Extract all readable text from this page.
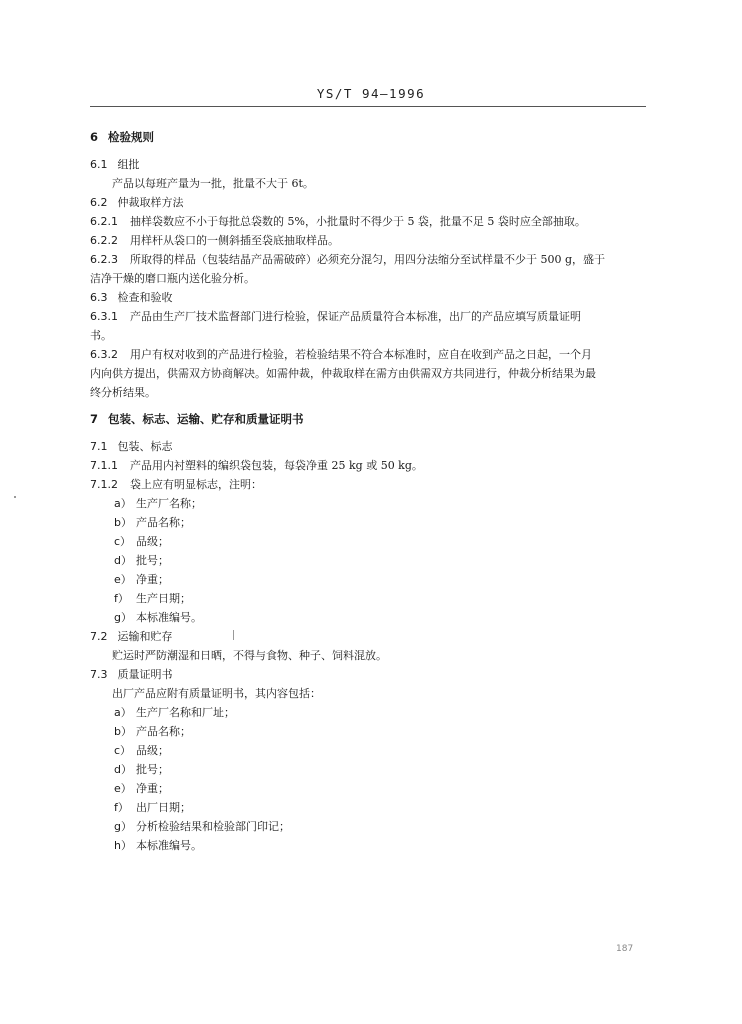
YS/T 94—1996
6 检验规则
6.1 组批
产品以每班产量为一批，批量不大于 6t。
6.2 仲裁取样方法
6.2.1 抽样袋数应不小于每批总袋数的 5%，小批量时不得少于 5 袋，批量不足 5 袋时应全部抽取。
6.2.2 用样杆从袋口的一侧斜插至袋底抽取样品。
6.2.3 所取得的样品（包装结晶产品需破碎）必须充分混匀，用四分法缩分至试样量不少于 500 g，盛于
洁净干燥的磨口瓶内送化验分析。
6.3 检查和验收
6.3.1 产品由生产厂技术监督部门进行检验，保证产品质量符合本标准，出厂的产品应填写质量证明
书。
6.3.2 用户有权对收到的产品进行检验，若检验结果不符合本标准时，应自在收到产品之日起，一个月
内向供方提出，供需双方协商解决。如需仲裁，仲裁取样在需方由供需双方共同进行，仲裁分析结果为最
终分析结果。
7 包装、标志、运输、贮存和质量证明书
7.1 包装、标志
7.1.1 产品用内衬塑料的编织袋包装，每袋净重 25 kg 或 50 kg。
7.1.2 袋上应有明显标志，注明：
a） 生产厂名称；
b） 产品名称；
c） 品级；
d） 批号；
e） 净重；
f） 生产日期；
g） 本标准编号。
7.2 运输和贮存
贮运时严防潮湿和日晒，不得与食物、种子、饲料混放。
7.3 质量证明书
出厂产品应附有质量证明书，其内容包括：
a） 生产厂名称和厂址；
b） 产品名称；
c） 品级；
d） 批号；
e） 净重；
f） 出厂日期；
g） 分析检验结果和检验部门印记；
h） 本标准编号。
187
